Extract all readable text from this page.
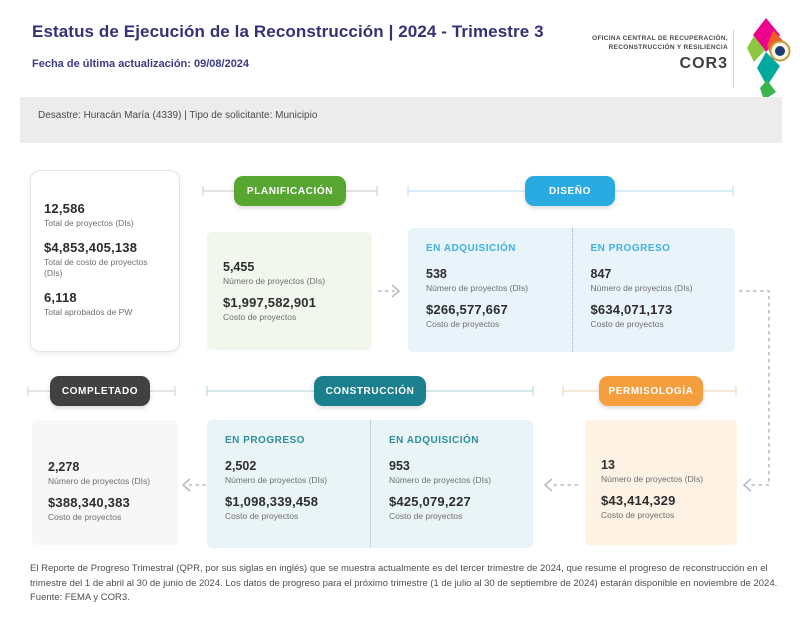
Estatus de Ejecución de la Reconstrucción | 2024 - Trimestre 3
Fecha de última actualización: 09/08/2024
OFICINA CENTRAL DE RECUPERACIÓN,
RECONSTRUCCIÓN Y RESILIENCIA
COR3
Desastre: Huracán María (4339) | Tipo de solicitante: Municipio
12,586
Total de proyectos (DIs)
$4,853,405,138
Total de costo de proyectos (DIs)
6,118
Total aprobados de PW
PLANIFICACIÓN	DISEÑO
COMPLETADO	CONSTRUCCIÓN	PERMISOLOGÍA
5,455
Número de proyectos (DIs)
$1,997,582,901
Costo de proyectos
EN ADQUISICIÓN
538
Número de proyectos (DIs)
$266,577,667
Costo de proyectos
EN PROGRESO
847
Número de proyectos (DIs)
$634,071,173
Costo de proyectos
2,278
Número de proyectos (DIs)
$388,340,383
Costo de proyectos
EN PROGRESO
2,502
Número de proyectos (DIs)
$1,098,339,458
Costo de proyectos
EN ADQUISICIÓN
953
Número de proyectos (DIs)
$425,079,227
Costo de proyectos
13
Número de proyectos (DIs)
$43,414,329
Costo de proyectos
El Reporte de Progreso Trimestral (QPR, por sus siglas en inglés) que se muestra actualmente es del tercer trimestre de 2024, que resume el progreso de reconstrucción en el trimestre del 1 de abril al 30 de junio de 2024. Los datos de progreso para el próximo trimestre (1 de julio al 30 de septiembre de 2024) estarán disponible en noviembre de 2024. Fuente: FEMA y COR3.
